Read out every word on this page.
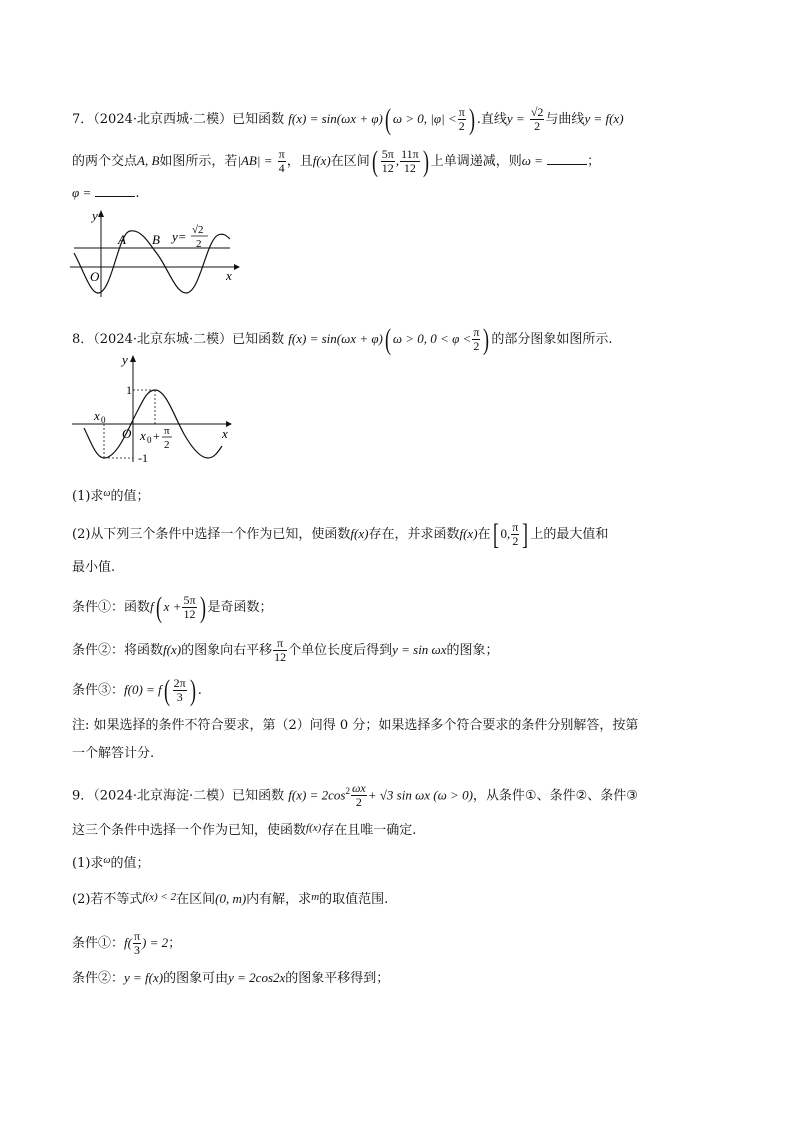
7．（2024·北京西城·二模）已知函数 f(x) = sin(ωx + φ)( ω > 0, $|\varphi| < \frac{\pi}{2}$ ) .直线$y = \frac{√2}{2}$ 与曲线y = f(x)
的两个交点A, B如图所示，若$|AB| = \frac{\pi}{4}$ ，且f(x)在区间( $\frac{5\pi}{12}$ , $\frac{11\pi}{12}$ ) 上单调递减，则ω =	；
φ =	.
y
x
O
A B y= √2
2
8．（2024·北京东城·二模）已知函数 f(x) = sin(ωx + φ)( ω > 0, $0 < \varphi < \frac{\pi}{2}$ ) 的部分图象如图所示.
y
x
1
-1
O
x 0
x 0 + π
2
(1)求$^\omega$的值；
(2)从下列三个条件中选择一个作为已知，使函数f(x)存在，并求函数f(x)在[ 0, $\frac{\pi}{2}$ ] 上的最大值和
最小值.
条件①：函数f( $x + \frac{5\pi}{12}$ ) 是奇函数；
条件②：将函数f(x)的图象向右平移 $\frac{\pi}{12}$ 个单位长度后得到y = sin ωx的图象；
条件③：$f(0) = f( \frac{2\pi}{3}$ ) .
注: 如果选择的条件不符合要求，第（2）问得 0 分；如果选择多个符合要求的条件分别解答，按第
一个解答计分.
9．（2024·北京海淀·二模）已知函数 $f(x) = 2\cos^2 \frac{\omega x}{2} + √3$ sin ωx (ω > 0)，从条件①、条件②、条件③
这三个条件中选择一个作为已知，使函数$^{f(x)}$存在且唯一确定.
(1)求$^\omega$的值；
(2)若不等式$^{f(x) < 2}$在区间(0, m)内有解，求$^m$的取值范围.
条件①：$f( \frac{\pi}{3}$ ) = 2；
条件②：y = f(x)的图象可由y = 2cos2x的图象平移得到；
